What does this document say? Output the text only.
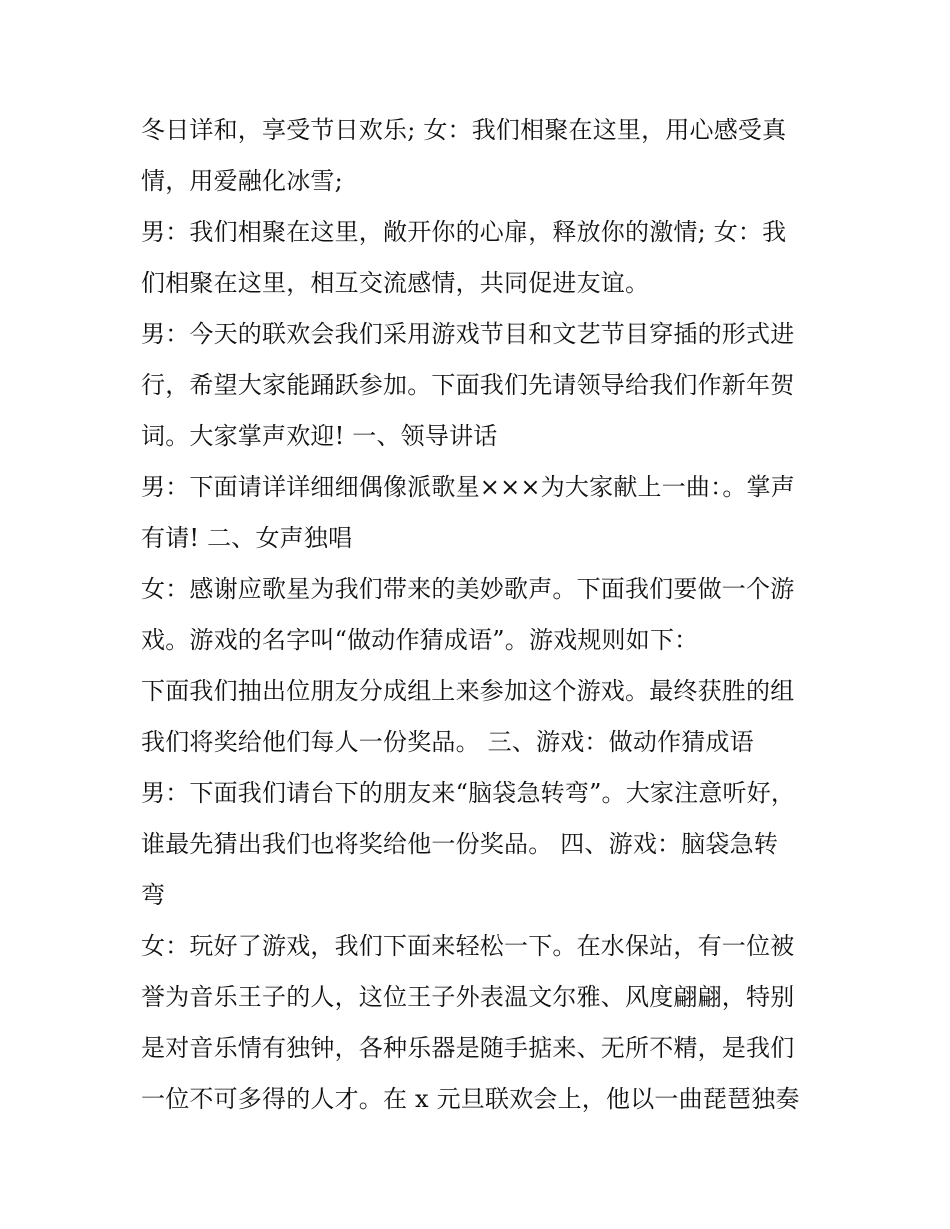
冬日详和，享受节日欢乐; 女：我们相聚在这里，用心感受真
情，用爱融化冰雪;
男：我们相聚在这里，敞开你的心扉，释放你的激情; 女：我
们相聚在这里，相互交流感情，共同促进友谊。
男：今天的联欢会我们采用游戏节目和文艺节目穿插的形式进
行，希望大家能踊跃参加。下面我们先请领导给我们作新年贺
词。大家掌声欢迎! 一、领导讲话
男：下面请详详细细偶像派歌星×××为大家献上一曲：。掌声
有请! 二、女声独唱
女：感谢应歌星为我们带来的美妙歌声。下面我们要做一个游
戏。游戏的名字叫“做动作猜成语”。游戏规则如下：
下面我们抽出位朋友分成组上来参加这个游戏。最终获胜的组
我们将奖给他们每人一份奖品。 三、游戏：做动作猜成语
男：下面我们请台下的朋友来“脑袋急转弯”。大家注意听好，
谁最先猜出我们也将奖给他一份奖品。 四、游戏：脑袋急转
弯
女：玩好了游戏，我们下面来轻松一下。在水保站，有一位被
誉为音乐王子的人，这位王子外表温文尔雅、风度翩翩，特别
是对音乐情有独钟，各种乐器是随手掂来、无所不精，是我们
一位不可多得的人才。在 x 元旦联欢会上，他以一曲琵琶独奏
